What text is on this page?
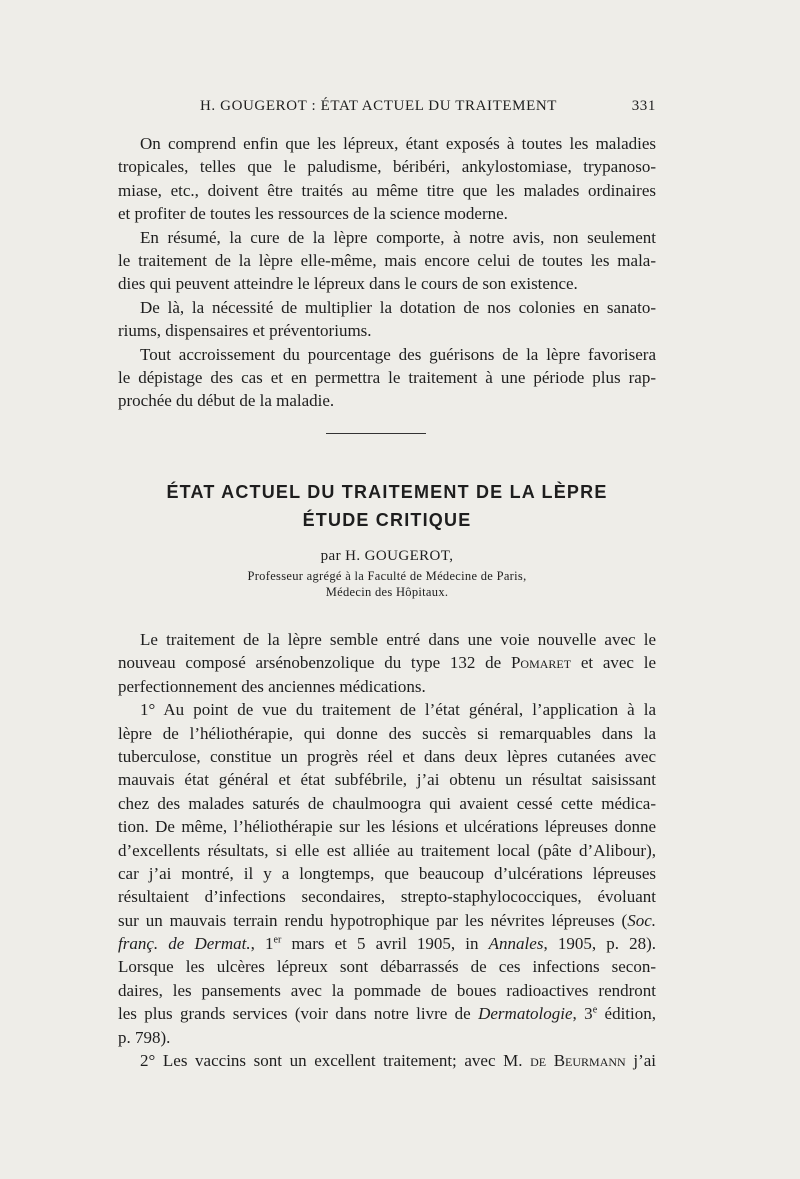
H. GOUGEROT : ÉTAT ACTUEL DU TRAITEMENT	331
On comprend enfin que les lépreux, étant exposés à toutes les maladies
tropicales, telles que le paludisme, béribéri, ankylostomiase, trypanoso-
miase, etc., doivent être traités au même titre que les malades ordinaires
et profiter de toutes les ressources de la science moderne.
En résumé, la cure de la lèpre comporte, à notre avis, non seulement
le traitement de la lèpre elle-même, mais encore celui de toutes les mala-
dies qui peuvent atteindre le lépreux dans le cours de son existence.
De là, la nécessité de multiplier la dotation de nos colonies en sanato-
riums, dispensaires et préventoriums.
Tout accroissement du pourcentage des guérisons de la lèpre favorisera
le dépistage des cas et en permettra le traitement à une période plus rap-
prochée du début de la maladie.
ÉTAT ACTUEL DU TRAITEMENT DE LA LÈPRE
ÉTUDE CRITIQUE
par H. GOUGEROT,
Professeur agrégé à la Faculté de Médecine de Paris,
Médecin des Hôpitaux.
Le traitement de la lèpre semble entré dans une voie nouvelle avec le
nouveau composé arsénobenzolique du type 132 de Pomaret et avec le
perfectionnement des anciennes médications.
1° Au point de vue du traitement de l’état général, l’application à la
lèpre de l’héliothérapie, qui donne des succès si remarquables dans la
tuberculose, constitue un progrès réel et dans deux lèpres cutanées avec
mauvais état général et état subfébrile, j’ai obtenu un résultat saisissant
chez des malades saturés de chaulmoogra qui avaient cessé cette médica-
tion. De même, l’héliothérapie sur les lésions et ulcérations lépreuses donne
d’excellents résultats, si elle est alliée au traitement local (pâte d’Alibour),
car j’ai montré, il y a longtemps, que beaucoup d’ulcérations lépreuses
résultaient d’infections secondaires, strepto-staphylococciques, évoluant
sur un mauvais terrain rendu hypotrophique par les névrites lépreuses (Soc.
franç. de Dermat., 1er mars et 5 avril 1905, in Annales, 1905, p. 28).
Lorsque les ulcères lépreux sont débarrassés de ces infections secon-
daires, les pansements avec la pommade de boues radioactives rendront
les plus grands services (voir dans notre livre de Dermatologie, 3e édition,
p. 798).
2° Les vaccins sont un excellent traitement; avec M. de Beurmann j’ai
